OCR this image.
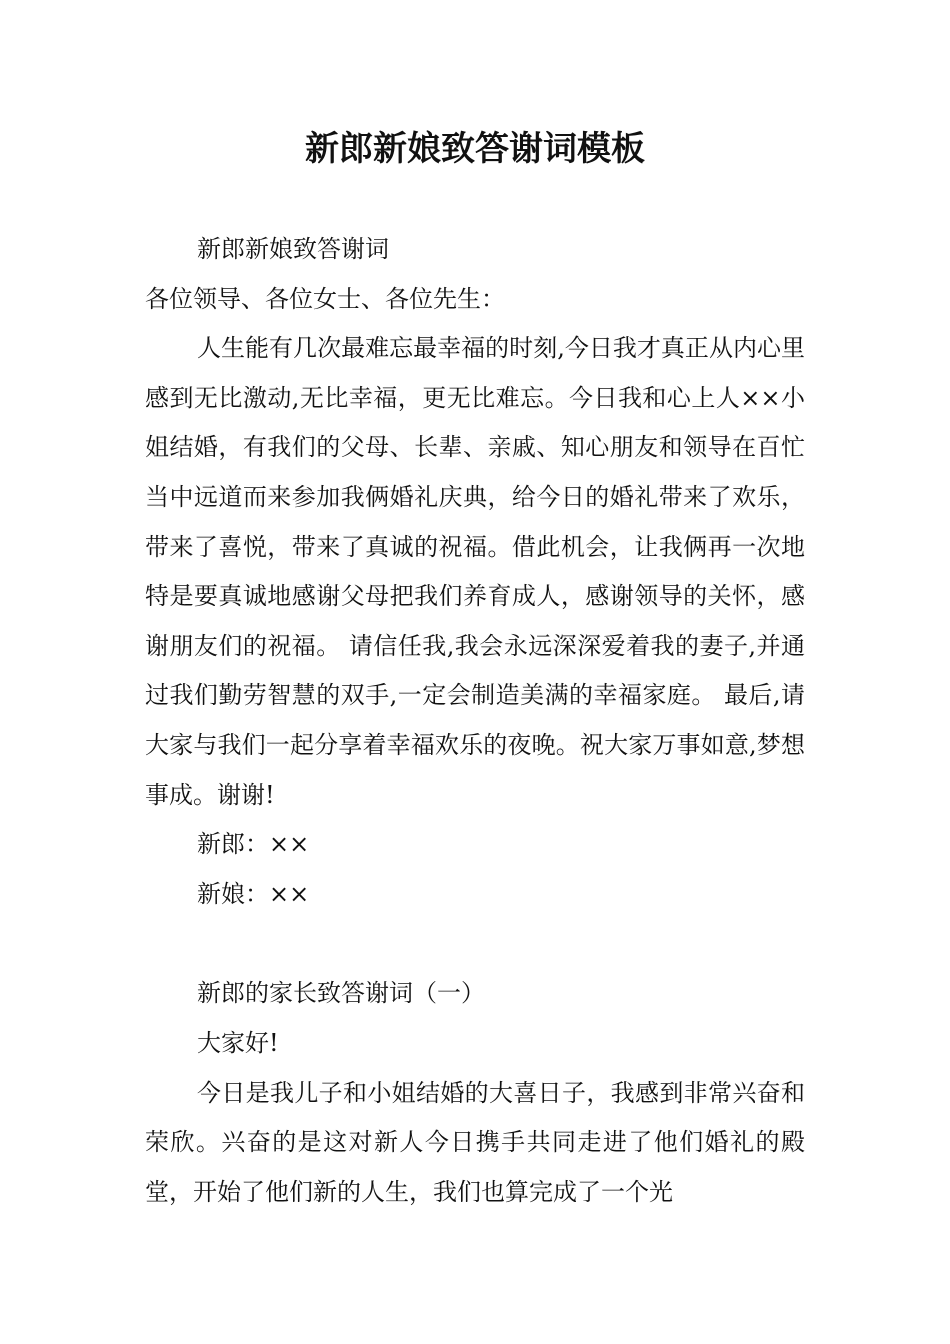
新郎新娘致答谢词模板

新郎新娘致答谢词

各位领导、各位女士、各位先生：

人生能有几次最难忘最幸福的时刻,今日我才真正从内心里感到无比激动,无比幸福，更无比难忘。今日我和心上人××小姐结婚，有我们的父母、长辈、亲戚、知心朋友和领导在百忙当中远道而来参加我俩婚礼庆典，给今日的婚礼带来了欢乐，带来了喜悦，带来了真诚的祝福。借此机会，让我俩再一次地特是要真诚地感谢父母把我们养育成人，感谢领导的关怀，感谢朋友们的祝福。 请信任我,我会永远深深爱着我的妻子,并通过我们勤劳智慧的双手,一定会制造美满的幸福家庭。 最后,请大家与我们一起分享着幸福欢乐的夜晚。祝大家万事如意,梦想事成。谢谢!

新郎：××

新娘：××

新郎的家长致答谢词（一）

大家好!

今日是我儿子和小姐结婚的大喜日子，我感到非常兴奋和荣欣。兴奋的是这对新人今日携手共同走进了他们婚礼的殿堂，开始了他们新的人生，我们也算完成了一个光
